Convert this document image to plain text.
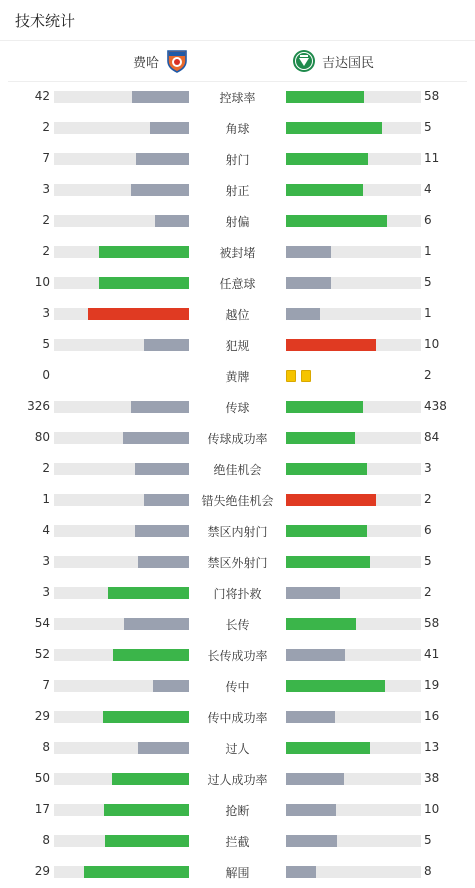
技术统计
费哈	吉达国民
42	控球率	58
2	角球	5
7	射门	11
3	射正	4
2	射偏	6
2	被封堵	1
10	任意球	5
3	越位	1
5	犯规	10
0	黄牌	2
326	传球	438
80	传球成功率	84
2	绝佳机会	3
1	错失绝佳机会	2
4	禁区内射门	6
3	禁区外射门	5
3	门将扑救	2
54	长传	58
52	长传成功率	41
7	传中	19
29	传中成功率	16
8	过人	13
50	过人成功率	38
17	抢断	10
8	拦截	5
29	解围	8
